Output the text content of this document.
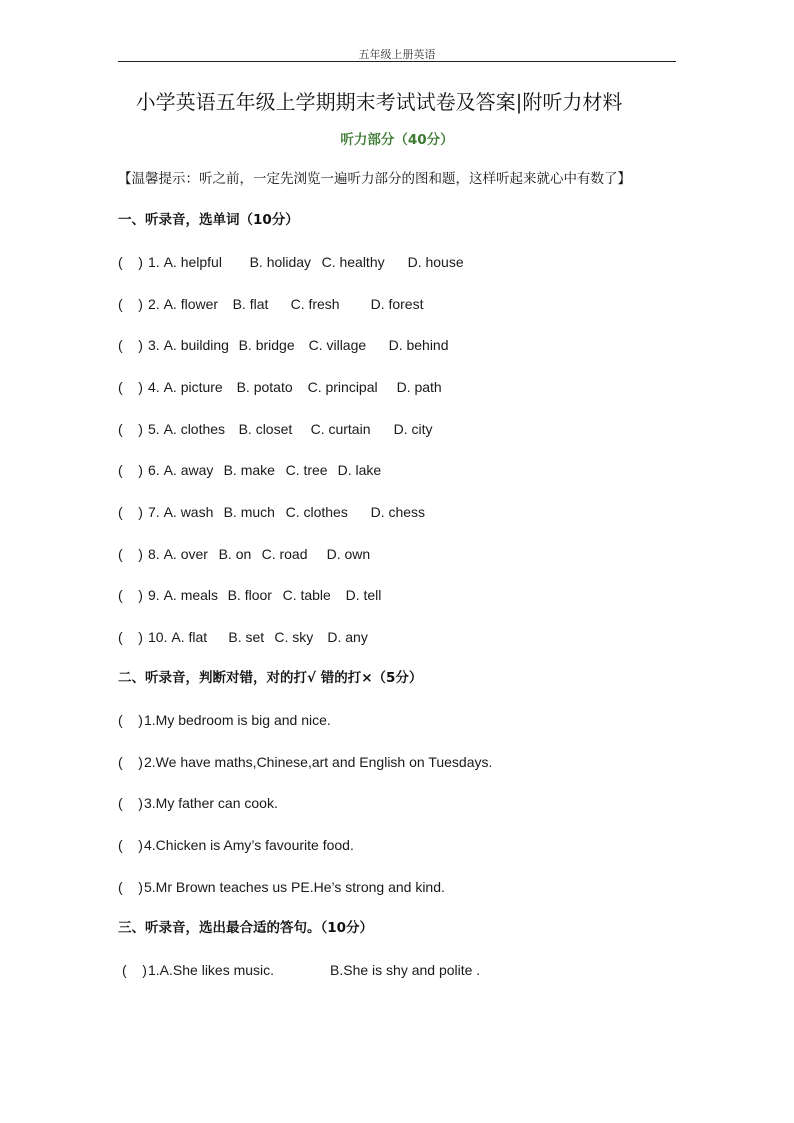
五年级上册英语
小学英语五年级上学期期末考试试卷及答案|附听力材料
听力部分（40分）
【温馨提示：听之前，一定先浏览一遍听力部分的图和题，这样听起来就心中有数了】
一、听录音，选单词（10分）
(    ) 1. A. helpful B. holiday C. healthy D. house
(    ) 2. A. flower B. flat C. fresh D. forest
(    ) 3. A. building B. bridge C. village D. behind
(    ) 4. A. picture B. potato C. principal D. path
(    ) 5. A. clothes B. closet C. curtain D. city
(    ) 6. A. away B. make C. tree D. lake
(    ) 7. A. wash B. much C. clothes D. chess
(    ) 8. A. over B. on C. road D. own
(    ) 9. A. meals B. floor C. table D. tell
(    ) 10. A. flat B. set C. sky D. any
二、听录音，判断对错，对的打√ 错的打×（5分）
(    )1.My bedroom is big and nice.
(    )2.We have maths,Chinese,art and English on Tuesdays.
(    )3.My father can cook.
(    )4.Chicken is Amy’s favourite food.
(    )5.Mr Brown teaches us PE.He’s strong and kind.
三、听录音，选出最合适的答句。（10分）
(    )1.A.She likes music.	B.She is shy and polite .
